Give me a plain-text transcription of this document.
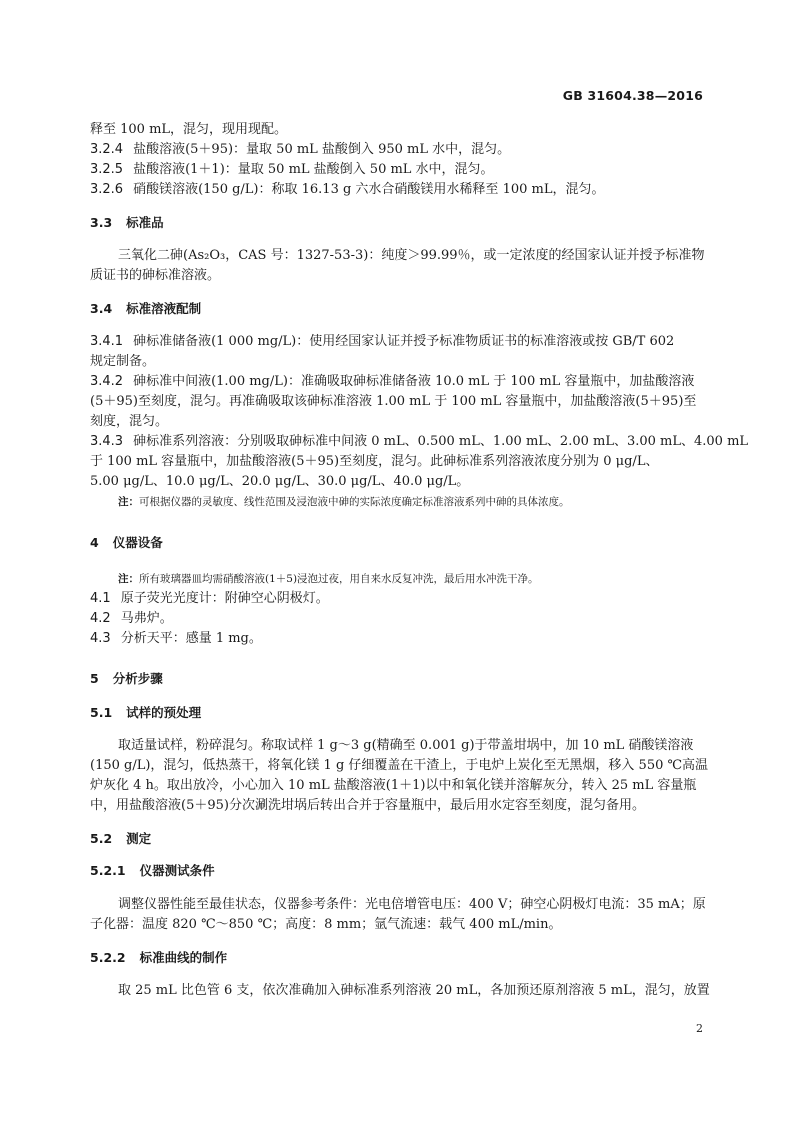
GB 31604.38—2016
释至 100 mL，混匀，现用现配。
3.2.4 盐酸溶液(5＋95)：量取 50 mL 盐酸倒入 950 mL 水中，混匀。
3.2.5 盐酸溶液(1＋1)：量取 50 mL 盐酸倒入 50 mL 水中，混匀。
3.2.6 硝酸镁溶液(150 g/L)：称取 16.13 g 六水合硝酸镁用水稀释至 100 mL，混匀。
3.3 标准品
三氧化二砷(As₂O₃，CAS 号：1327-53-3)：纯度＞99.99％，或一定浓度的经国家认证并授予标准物
质证书的砷标准溶液。
3.4 标准溶液配制
3.4.1 砷标准储备液(1 000 mg/L)：使用经国家认证并授予标准物质证书的标准溶液或按 GB/T 602
规定制备。
3.4.2 砷标准中间液(1.00 mg/L)：准确吸取砷标准储备液 10.0 mL 于 100 mL 容量瓶中，加盐酸溶液
(5＋95)至刻度，混匀。再准确吸取该砷标准溶液 1.00 mL 于 100 mL 容量瓶中，加盐酸溶液(5＋95)至
刻度，混匀。
3.4.3 砷标准系列溶液：分别吸取砷标准中间液 0 mL、0.500 mL、1.00 mL、2.00 mL、3.00 mL、4.00 mL
于 100 mL 容量瓶中，加盐酸溶液(5＋95)至刻度，混匀。此砷标准系列溶液浓度分别为 0 μg/L、
5.00 μg/L、10.0 μg/L、20.0 μg/L、30.0 μg/L、40.0 μg/L。
注：可根据仪器的灵敏度、线性范围及浸泡液中砷的实际浓度确定标准溶液系列中砷的具体浓度。
4 仪器设备
注：所有玻璃器皿均需硝酸溶液(1＋5)浸泡过夜，用自来水反复冲洗，最后用水冲洗干净。
4.1 原子荧光光度计：附砷空心阴极灯。
4.2 马弗炉。
4.3 分析天平：感量 1 mg。
5 分析步骤
5.1 试样的预处理
取适量试样，粉碎混匀。称取试样 1 g～3 g(精确至 0.001 g)于带盖坩埚中，加 10 mL 硝酸镁溶液
(150 g/L)，混匀，低热蒸干，将氧化镁 1 g 仔细覆盖在干渣上，于电炉上炭化至无黑烟，移入 550 ℃高温
炉灰化 4 h。取出放冷，小心加入 10 mL 盐酸溶液(1＋1)以中和氧化镁并溶解灰分，转入 25 mL 容量瓶
中，用盐酸溶液(5＋95)分次涮洗坩埚后转出合并于容量瓶中，最后用水定容至刻度，混匀备用。
5.2 测定
5.2.1 仪器测试条件
调整仪器性能至最佳状态，仪器参考条件：光电倍增管电压：400 V；砷空心阴极灯电流：35 mA；原
子化器：温度 820 ℃～850 ℃；高度：8 mm；氩气流速：载气 400 mL/min。
5.2.2 标准曲线的制作
取 25 mL 比色管 6 支，依次准确加入砷标准系列溶液 20 mL，各加预还原剂溶液 5 mL，混匀，放置
2
